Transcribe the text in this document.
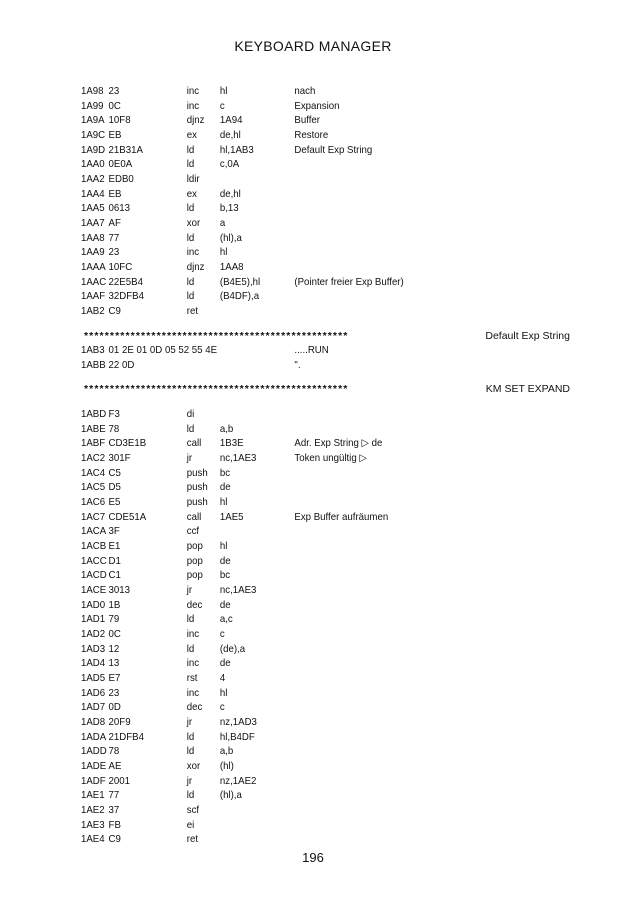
KEYBOARD MANAGER
1A98 23	inc hl	nach
1A99 0C	inc c	Expansion
1A9A 10F8	djnz 1A94	Buffer
1A9C EB	ex de,hl	Restore
1A9D 21B31A	ld hl,1AB3	Default Exp String
1AA0 0E0A	ld c,0A
1AA2 EDB0	ldir
1AA4 EB	ex de,hl
1AA5 0613	ld b,13
1AA7 AF	xor a
1AA8 77	ld (hl),a
1AA9 23	inc hl
1AAA 10FC	djnz 1AA8
1AAC 22E5B4	ld (B4E5),hl	(Pointer freier Exp Buffer)
1AAF 32DFB4	ld (B4DF),a
1AB2 C9	ret
***************************************************	Default Exp String
1AB3 01 2E 01 0D 05 52 55 4E	.....RUN
1ABB 22 0D	".
***************************************************	KM SET EXPAND
1ABD F3	di
1ABE 78	ld a,b
1ABF CD3E1B	call 1B3E	Adr. Exp String ▷ de
1AC2 301F	jr	nc,1AE3	Token ungültig ▷
1AC4 C5	push bc
1AC5 D5	push de
1AC6 E5	push hl
1AC7 CDE51A	call 1AE5	Exp Buffer aufräumen
1ACA 3F	ccf
1ACB E1	pop hl
1ACC D1	pop de
1ACD C1	pop bc
1ACE 3013	jr	nc,1AE3
1AD0 1B	dec de
1AD1 79	ld a,c
1AD2 0C	inc c
1AD3 12	ld (de),a
1AD4 13	inc de
1AD5 E7	rst 4
1AD6 23	inc hl
1AD7 0D	dec c
1AD8 20F9	jr	nz,1AD3
1ADA 21DFB4	ld hl,B4DF
1ADD 78	ld a,b
1ADE AE	xor (hl)
1ADF 2001	jr	nz,1AE2
1AE1 77	ld (hl),a
1AE2 37	scf
1AE3 FB	ei
1AE4 C9	ret
196
